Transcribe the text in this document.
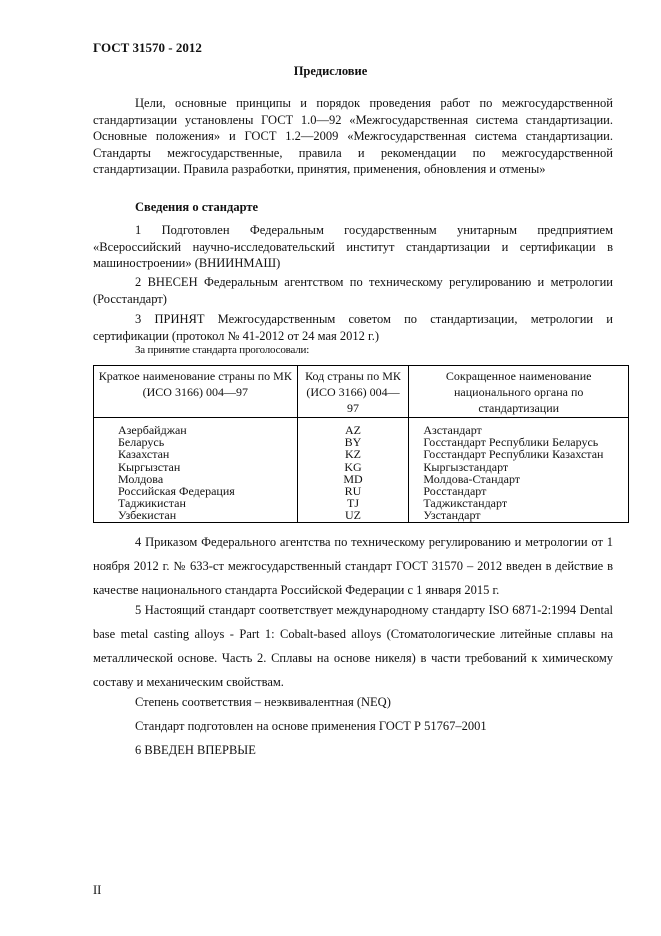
ГОСТ 31570 - 2012
Предисловие

Цели, основные принципы и порядок проведения работ по межгосударственной стандартизации установлены ГОСТ 1.0—92 «Межгосударственная система стандартизации. Основные положения» и ГОСТ 1.2—2009 «Межгосударственная система стандартизации. Стандарты межгосударственные, правила и рекомендации по межгосударственной стандартизации. Правила разработки, принятия, применения, обновления и отмены»

Сведения о стандарте

1 Подготовлен Федеральным государственным унитарным предприятием «Всероссийский научно-исследовательский институт стандартизации и сертификации в машиностроении» (ВНИИНМАШ)

2 ВНЕСЕН Федеральным агентством по техническому регулированию и метрологии (Росстандарт)

3 ПРИНЯТ Межгосударственным советом по стандартизации, метрологии и сертификации (протокол № 41-2012 от 24 мая 2012 г.)

За принятие стандарта проголосовали:
Краткое наименование страны по МК (ИСО 3166) 004—97	Код страны по МК (ИСО 3166) 004—97	Сокращенное наименование национального органа по стандартизации
Азербайджан	AZ	Азстандарт
Беларусь	BY	Госстандарт Республики Беларусь
Казахстан	KZ	Госстандарт Республики Казахстан
Кыргызстан	KG	Кыргызстандарт
Молдова	MD	Молдова-Стандарт
Российская Федерация	RU	Росстандарт
Таджикистан	TJ	Таджикстандарт
Узбекистан	UZ	Узстандарт

4 Приказом Федерального агентства по техническому регулированию и метрологии от 1 ноября 2012 г. № 633-ст межгосударственный стандарт ГОСТ 31570 – 2012 введен в действие в качестве национального стандарта Российской Федерации с 1 января 2015 г.

5 Настоящий стандарт соответствует международному стандарту ISO 6871-2:1994 Dental base metal casting alloys - Part 1: Cobalt-based alloys (Стоматологические литейные сплавы на металлической основе. Часть 2. Сплавы на основе никеля) в части требований к химическому составу и механическим свойствам.

Степень соответствия – неэквивалентная (NEQ)
Стандарт подготовлен на основе применения ГОСТ Р 51767–2001
6 ВВЕДЕН ВПЕРВЫЕ
II
